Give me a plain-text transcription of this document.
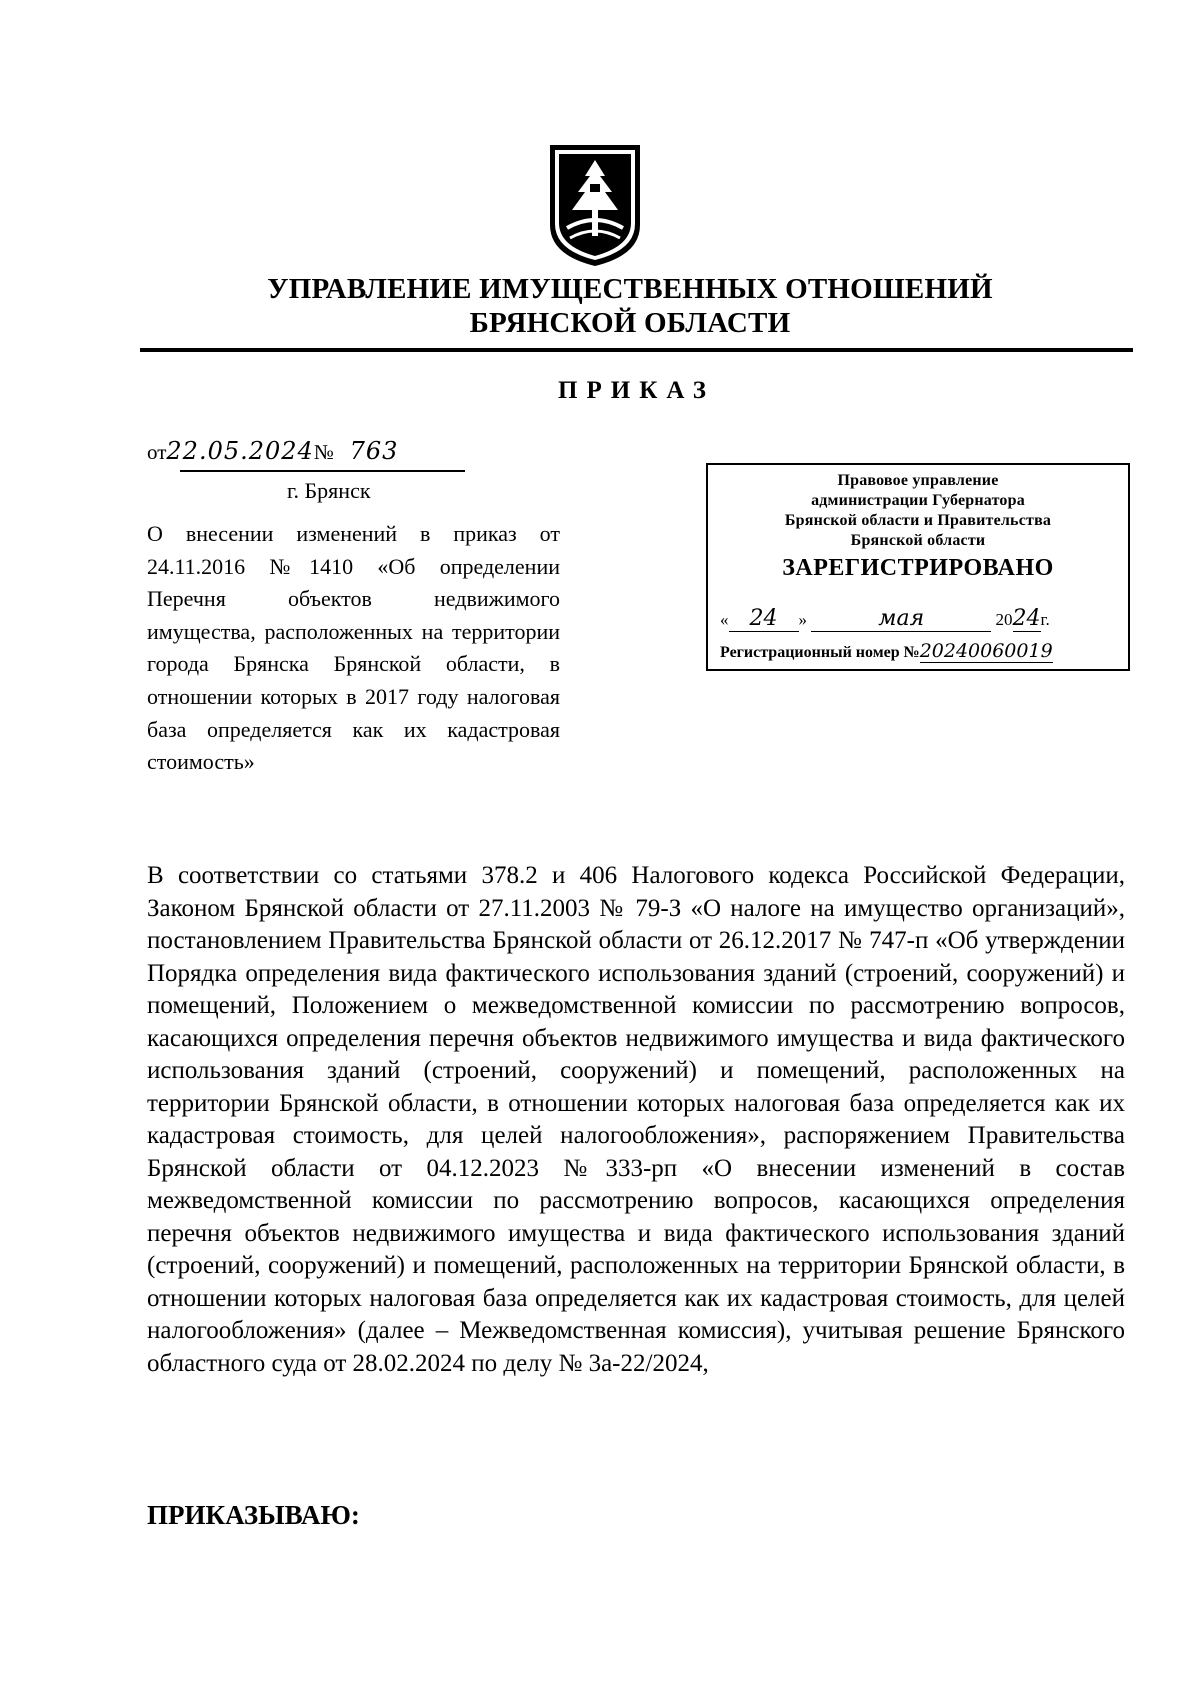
УПРАВЛЕНИЕ ИМУЩЕСТВЕННЫХ ОТНОШЕНИЙ
БРЯНСКОЙ ОБЛАСТИ
ПРИКАЗ
от22.05.2024№ 763
г. Брянск
О внесении изменений в приказ от 24.11.2016 №1410 «Об определении Перечня объектов недвижимого имущества, расположенных на территории города Брянска Брянской области, в отношении которых в 2017 году налоговая база определяется как их кадастровая стоимость»
Правовое управление
администрации Губернатора
Брянской области и Правительства
Брянской области
ЗАРЕГИСТРИРОВАНО
« 24 »	мая	2024г.
Регистрационный номер №20240060019
В соответствии со статьями 378.2 и 406 Налогового кодекса Российской Федерации, Законом Брянской области от 27.11.2003 № 79-З «О налоге на имущество организаций», постановлением Правительства Брянской области от 26.12.2017 № 747-п «Об утверждении Порядка определения вида фактического использования зданий (строений, сооружений) и помещений, Положением о межведомственной комиссии по рассмотрению вопросов, касающихся определения перечня объектов недвижимого имущества и вида фактического использования зданий (строений, сооружений) и помещений, расположенных на территории Брянской области, в отношении которых налоговая база определяется как их кадастровая стоимость, для целей налогообложения», распоряжением Правительства Брянской области от 04.12.2023 №333-рп «О внесении изменений в состав межведомственной комиссии по рассмотрению вопросов, касающихся определения перечня объектов недвижимого имущества и вида фактического использования зданий (строений, сооружений) и помещений, расположенных на территории Брянской области, в отношении которых налоговая база определяется как их кадастровая стоимость, для целей налогообложения» (далее – Межведомственная комиссия), учитывая решение Брянского областного суда от 28.02.2024 по делу № 3а-22/2024,
ПРИКАЗЫВАЮ:
